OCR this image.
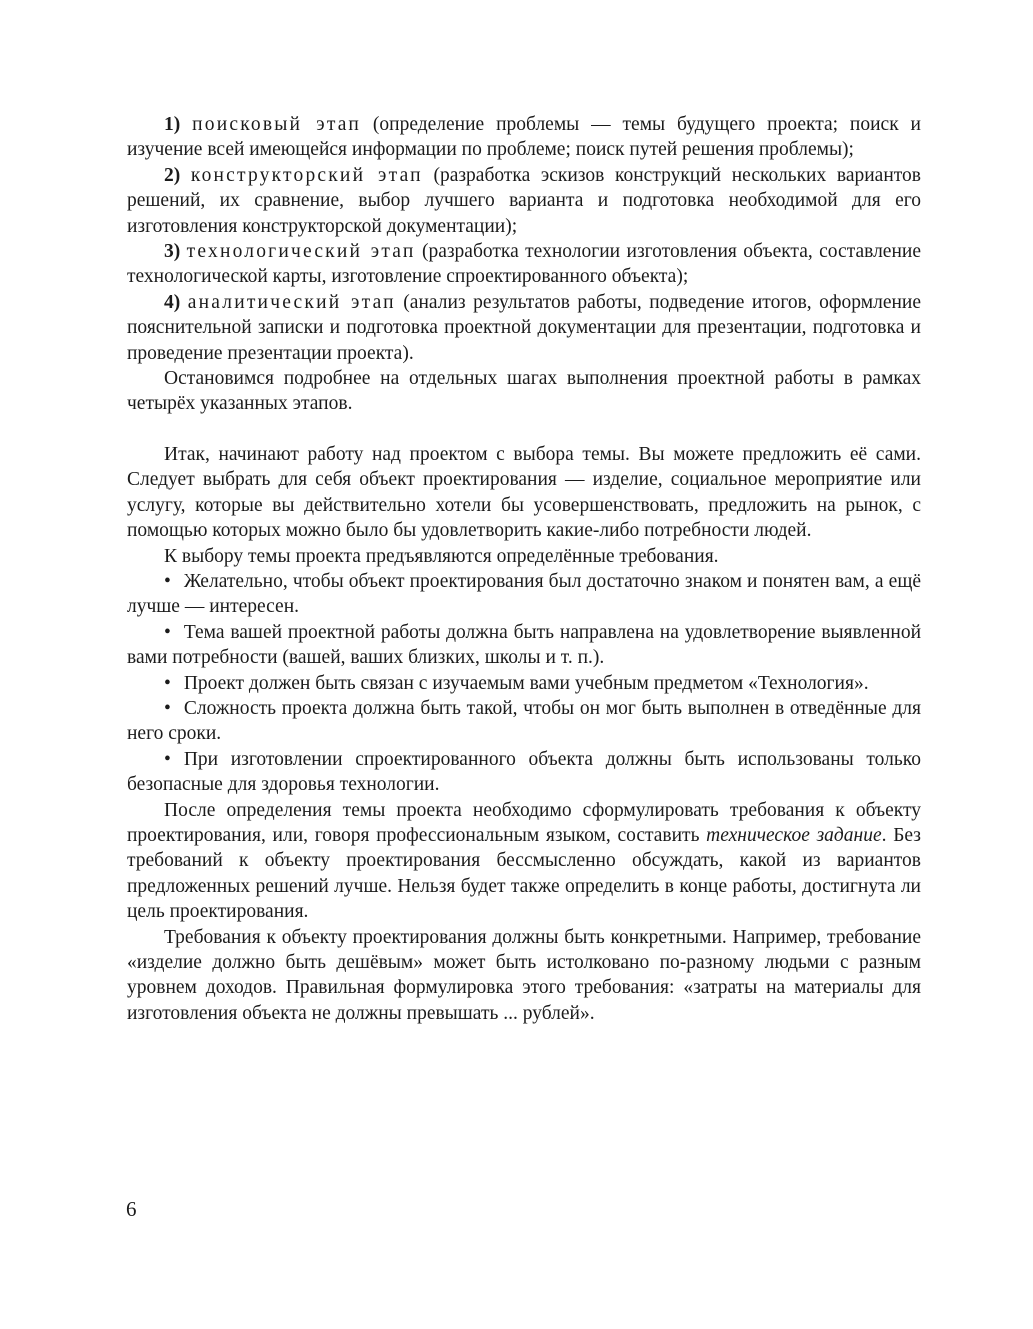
1) поисковый этап (определение проблемы — темы будущего проекта; поиск и изучение всей имеющейся информации по проблеме; поиск путей решения проблемы);

2) конструкторский этап (разработка эскизов конструкций нескольких вариантов решений, их сравнение, выбор лучшего варианта и подготовка необходимой для его изготовления конструкторской документации);

3) технологический этап (разработка технологии изготовления объекта, составление технологической карты, изготовление спроектированного объекта);

4) аналитический этап (анализ результатов работы, подведение итогов, оформление пояснительной записки и подготовка проектной документации для презентации, подготовка и проведение презентации проекта).

Остановимся подробнее на отдельных шагах выполнения проектной работы в рамках четырёх указанных этапов.

Итак, начинают работу над проектом с выбора темы. Вы можете предложить её сами. Следует выбрать для себя объект проектирования — изделие, социальное мероприятие или услугу, которые вы действительно хотели бы усовершенствовать, предложить на рынок, с помощью которых можно было бы удовлетворить какие-либо потребности людей.

К выбору темы проекта предъявляются определённые требования.

• Желательно, чтобы объект проектирования был достаточно знаком и понятен вам, а ещё лучше — интересен.

• Тема вашей проектной работы должна быть направлена на удовлетворение выявленной вами потребности (вашей, ваших близких, школы и т. п.).

• Проект должен быть связан с изучаемым вами учебным предметом «Технология».

• Сложность проекта должна быть такой, чтобы он мог быть выполнен в отведённые для него сроки.

• При изготовлении спроектированного объекта должны быть использованы только безопасные для здоровья технологии.

После определения темы проекта необходимо сформулировать требования к объекту проектирования, или, говоря профессиональным языком, составить техническое задание. Без требований к объекту проектирования бессмысленно обсуждать, какой из вариантов предложенных решений лучше. Нельзя будет также определить в конце работы, достигнута ли цель проектирования.

Требования к объекту проектирования должны быть конкретными. Например, требование «изделие должно быть дешёвым» может быть истолковано по-разному людьми с разным уровнем доходов. Правильная формулировка этого требования: «затраты на материалы для изготовления объекта не должны превышать ... рублей».

6
